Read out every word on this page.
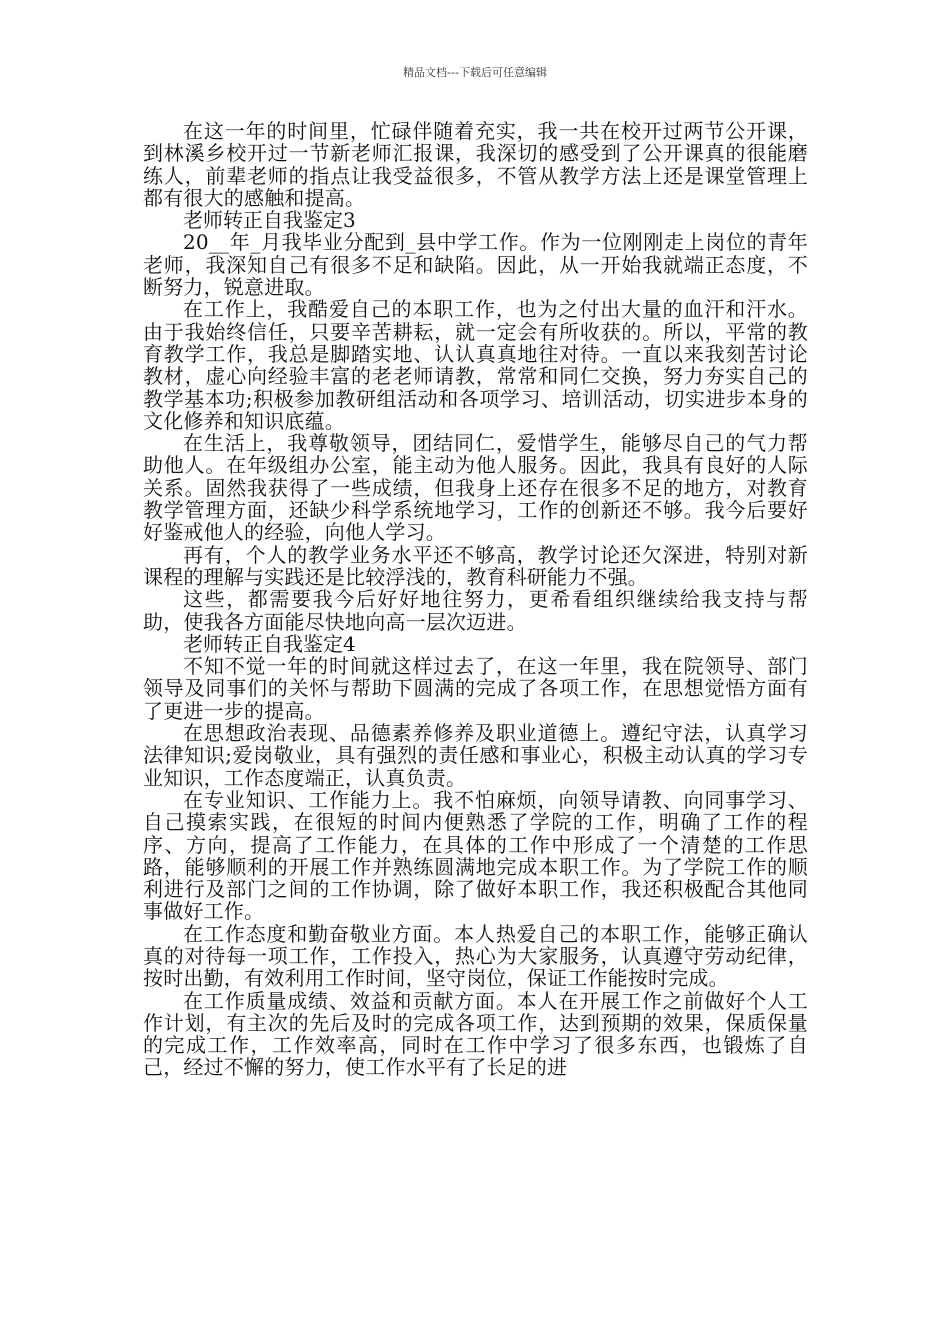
精品文档---下载后可任意编辑

在这一年的时间里，忙碌伴随着充实，我一共在校开过两节公开课，到林溪乡校开过一节新老师汇报课，我深切的感受到了公开课真的很能磨练人，前辈老师的指点让我受益很多，不管从教学方法上还是课堂管理上都有很大的感触和提高。

老师转正自我鉴定3

20__年_月我毕业分配到_县中学工作。作为一位刚刚走上岗位的青年老师，我深知自己有很多不足和缺陷。因此，从一开始我就端正态度，不断努力，锐意进取。

在工作上，我酷爱自己的本职工作，也为之付出大量的血汗和汗水。由于我始终信任，只要辛苦耕耘，就一定会有所收获的。所以，平常的教育教学工作，我总是脚踏实地、认认真真地往对待。一直以来我刻苦讨论教材，虚心向经验丰富的老老师请教，常常和同仁交换，努力夯实自己的教学基本功;积极参加教研组活动和各项学习、培训活动，切实进步本身的文化修养和知识底蕴。

在生活上，我尊敬领导，团结同仁，爱惜学生，能够尽自己的气力帮助他人。在年级组办公室，能主动为他人服务。因此，我具有良好的人际关系。固然我获得了一些成绩，但我身上还存在很多不足的地方，对教育教学管理方面，还缺少科学系统地学习，工作的创新还不够。我今后要好好鉴戒他人的经验，向他人学习。

再有，个人的教学业务水平还不够高，教学讨论还欠深进，特别对新课程的理解与实践还是比较浮浅的，教育科研能力不强。

这些，都需要我今后好好地往努力，更希看组织继续给我支持与帮助，使我各方面能尽快地向高一层次迈进。

老师转正自我鉴定4

不知不觉一年的时间就这样过去了，在这一年里，我在院领导、部门领导及同事们的关怀与帮助下圆满的完成了各项工作，在思想觉悟方面有了更进一步的提高。

在思想政治表现、品德素养修养及职业道德上。遵纪守法，认真学习法律知识;爱岗敬业，具有强烈的责任感和事业心，积极主动认真的学习专业知识，工作态度端正，认真负责。

在专业知识、工作能力上。我不怕麻烦，向领导请教、向同事学习、自己摸索实践，在很短的时间内便熟悉了学院的工作，明确了工作的程序、方向，提高了工作能力，在具体的工作中形成了一个清楚的工作思路，能够顺利的开展工作并熟练圆满地完成本职工作。为了学院工作的顺利进行及部门之间的工作协调，除了做好本职工作，我还积极配合其他同事做好工作。

在工作态度和勤奋敬业方面。本人热爱自己的本职工作，能够正确认真的对待每一项工作，工作投入，热心为大家服务，认真遵守劳动纪律，按时出勤，有效利用工作时间，坚守岗位，保证工作能按时完成。

在工作质量成绩、效益和贡献方面。本人在开展工作之前做好个人工作计划，有主次的先后及时的完成各项工作，达到预期的效果，保质保量的完成工作，工作效率高，同时在工作中学习了很多东西，也锻炼了自己，经过不懈的努力，使工作水平有了长足的进
